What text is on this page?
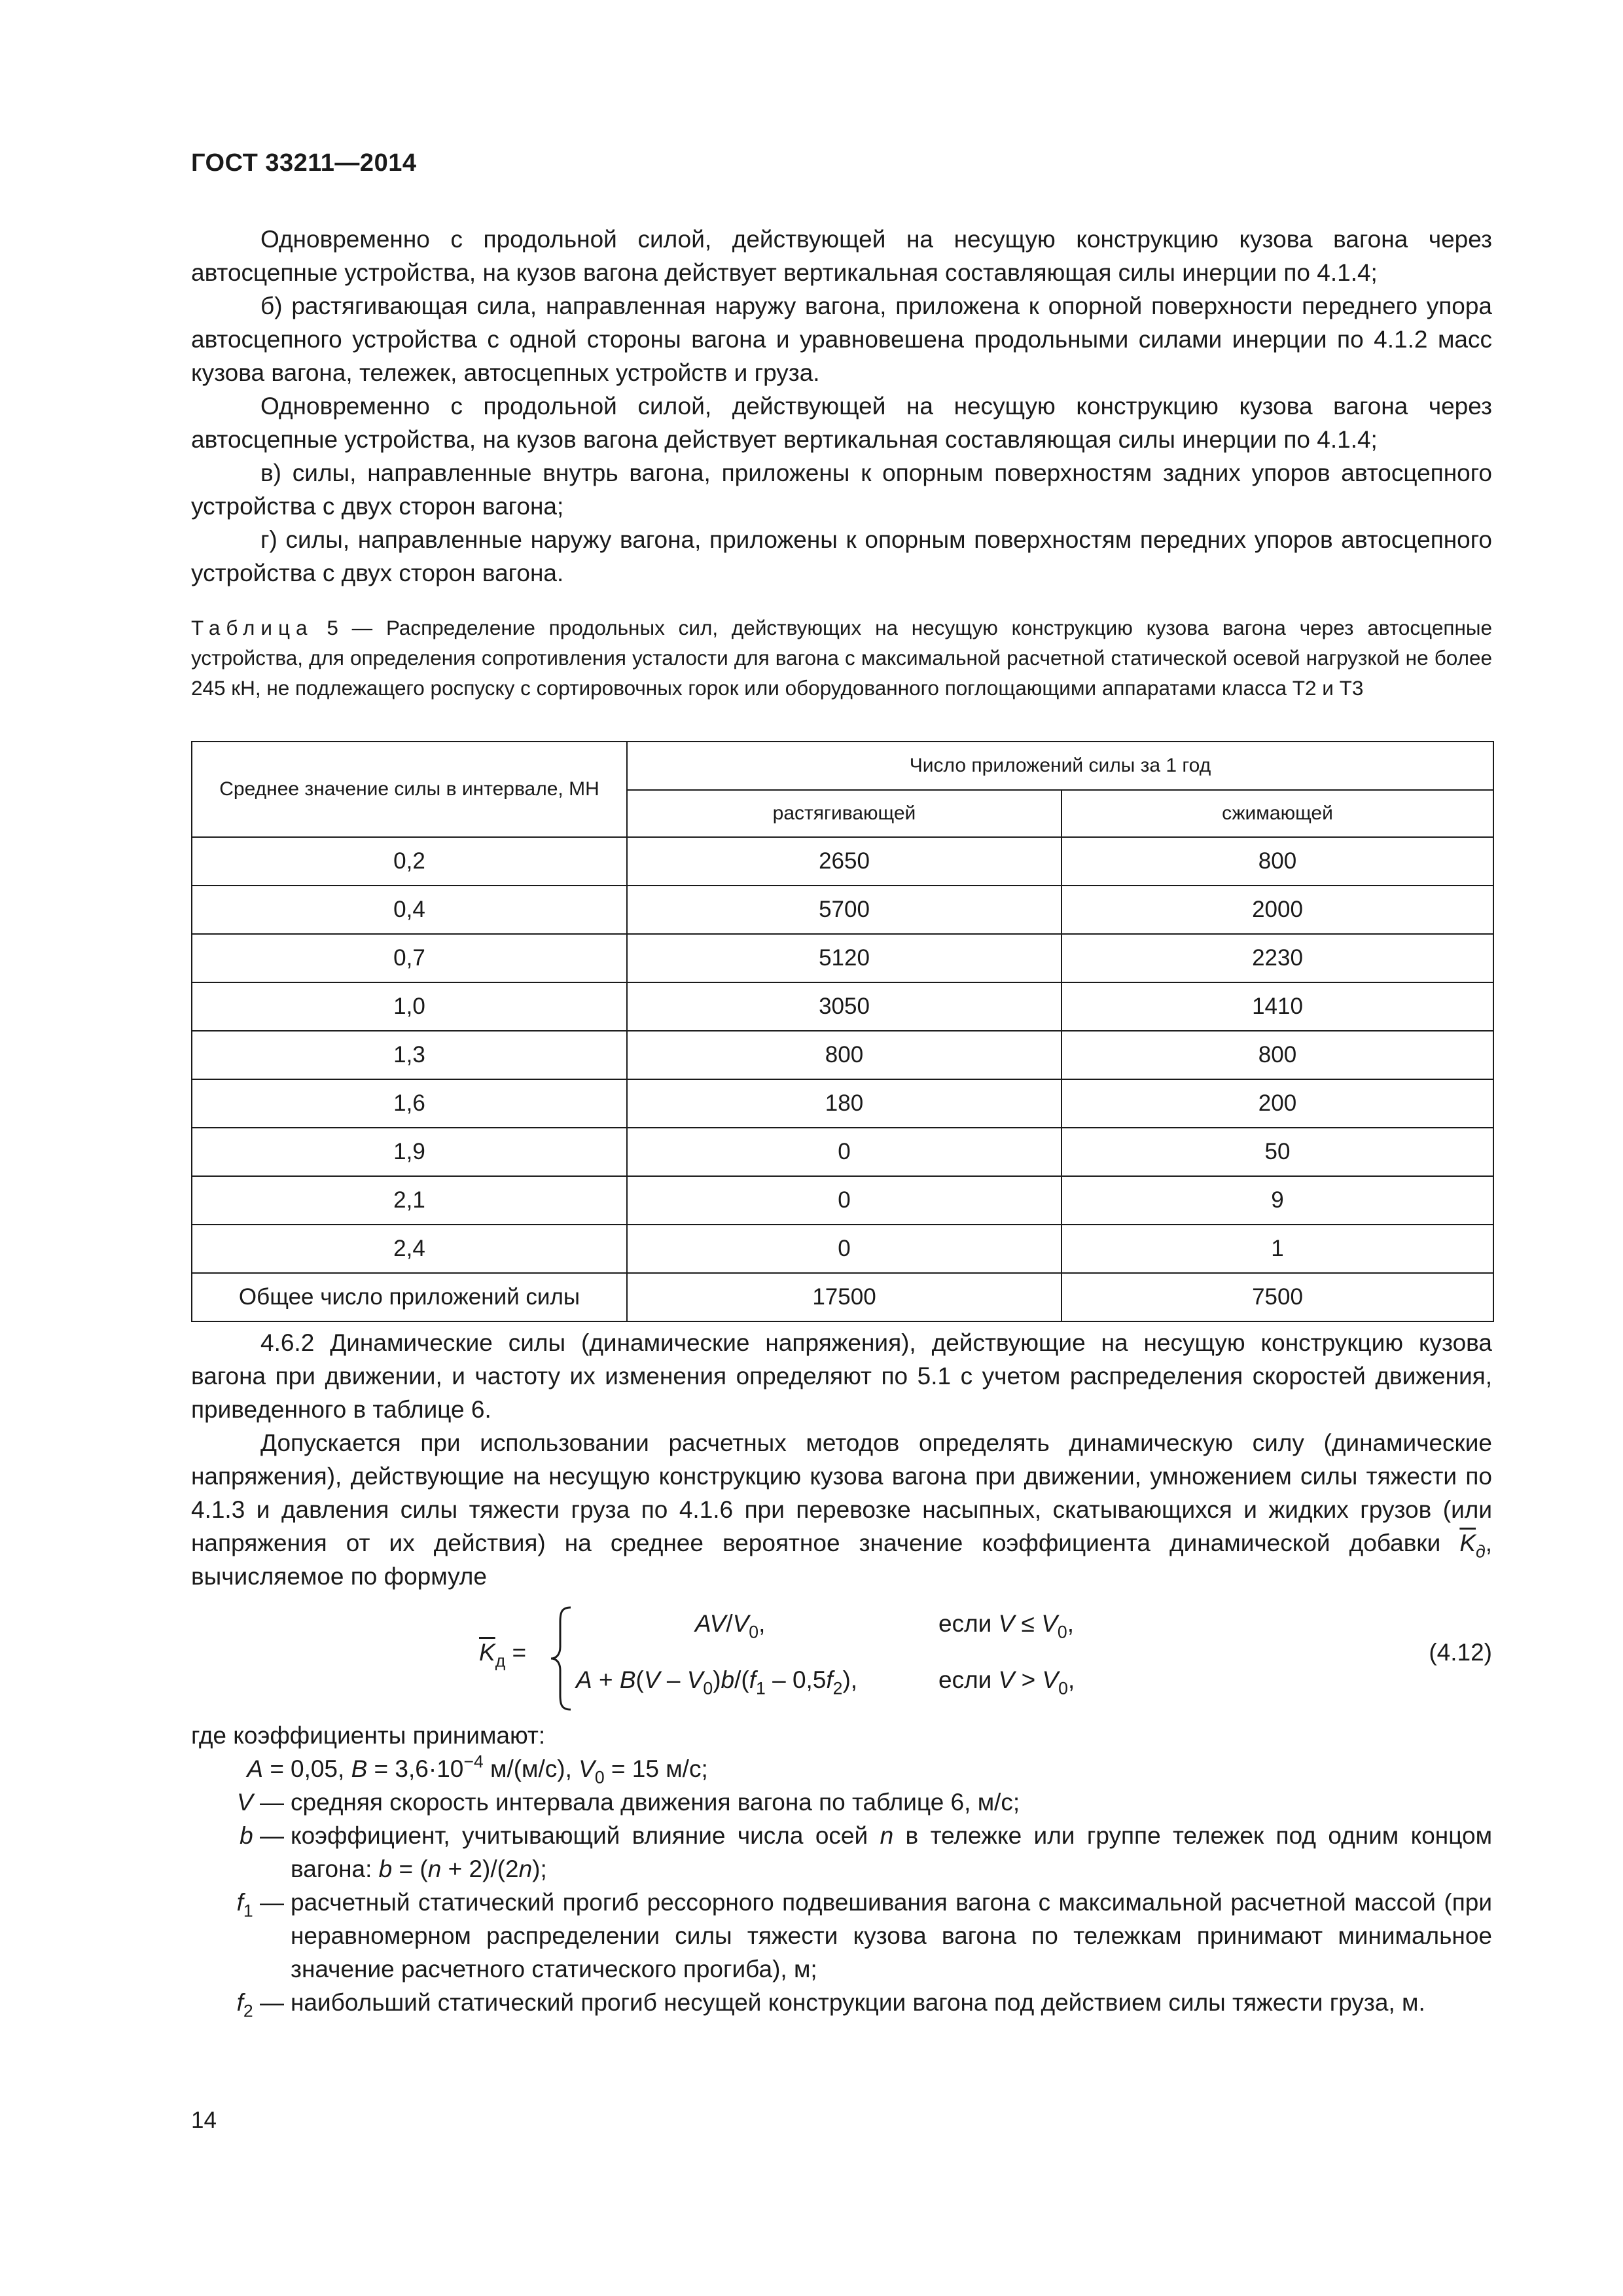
ГОСТ 33211—2014

Одновременно с продольной силой, действующей на несущую конструкцию кузова вагона через автосцепные устройства, на кузов вагона действует вертикальная составляющая силы инерции по 4.1.4;

б) растягивающая сила, направленная наружу вагона, приложена к опорной поверхности переднего упора автосцепного устройства с одной стороны вагона и уравновешена продольными силами инерции по 4.1.2 масс кузова вагона, тележек, автосцепных устройств и груза.

Одновременно с продольной силой, действующей на несущую конструкцию кузова вагона через автосцепные устройства, на кузов вагона действует вертикальная составляющая силы инерции по 4.1.4;

в) силы, направленные внутрь вагона, приложены к опорным поверхностям задних упоров автосцепного устройства с двух сторон вагона;

г) силы, направленные наружу вагона, приложены к опорным поверхностям передних упоров автосцепного устройства с двух сторон вагона.

Таблица 5 — Распределение продольных сил, действующих на несущую конструкцию кузова вагона через автосцепные устройства, для определения сопротивления усталости для вагона с максимальной расчетной статической осевой нагрузкой не более 245 кН, не подлежащего роспуску с сортировочных горок или оборудованного поглощающими аппаратами класса Т2 и Т3
Среднее значение силы в интервале, МН	Число приложений силы за 1 год	
	растягивающей	сжимающей
0,2	2650	800
0,4	5700	2000
0,7	5120	2230
1,0	3050	1410
1,3	800	800
1,6	180	200
1,9	0	50
2,1	0	9
2,4	0	1
Общее число приложений силы	17500	7500

4.6.2 Динамические силы (динамические напряжения), действующие на несущую конструкцию кузова вагона при движении, и частоту их изменения определяют по 5.1 с учетом распределения скоростей движения, приведенного в таблице 6.

Допускается при использовании расчетных методов определять динамическую силу (динамические напряжения), действующие на несущую конструкцию кузова вагона при движении, умножением силы тяжести по 4.1.3 и давления силы тяжести груза по 4.1.6 при перевозке насыпных, скатывающихся и жидких грузов (или напряжения от их действия) на среднее вероятное значение коэффициента динамической добавки $\overline{K}_д$, вычисляемое по формуле

$\overline{K}_д$ =
$AV/V_0$,	если $V \le V_0$,
$A + B(V - V_0)b/(f_1 - 0,5f_2)$,	если $V > V_0$,
(4.12)
где коэффициенты принимают:
A = 0,05, $B = 3,6\cdot 10^{-4}$ м/(м/с), $V_0 = 15$ м/с;
V — средняя скорость интервала движения вагона по таблице 6, м/с;
b — коэффициент, учитывающий влияние числа осей n в тележке или группе тележек под одним концом вагона: b = (n + 2)/(2n);
$f_1$ — расчетный статический прогиб рессорного подвешивания вагона с максимальной расчетной массой (при неравномерном распределении силы тяжести кузова вагона по тележкам принимают минимальное значение расчетного статического прогиба), м;
$f_2$ — наибольший статический прогиб несущей конструкции вагона под действием силы тяжести груза, м.
14
